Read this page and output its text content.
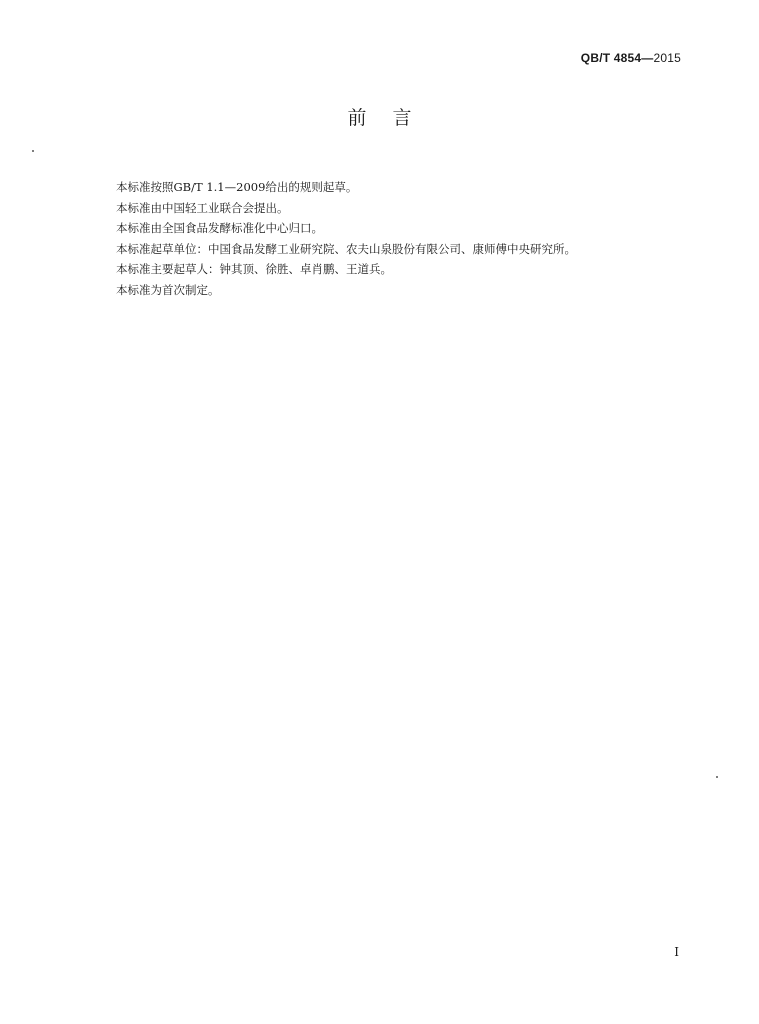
QB/T 4854—2015
前言

本标准按照GB/T 1.1—2009给出的规则起草。

本标准由中国轻工业联合会提出。

本标准由全国食品发酵标准化中心归口。

本标准起草单位：中国食品发酵工业研究院、农夫山泉股份有限公司、康师傅中央研究所。

本标准主要起草人：钟其顶、徐胜、卓肖鹏、王道兵。

本标准为首次制定。

I
